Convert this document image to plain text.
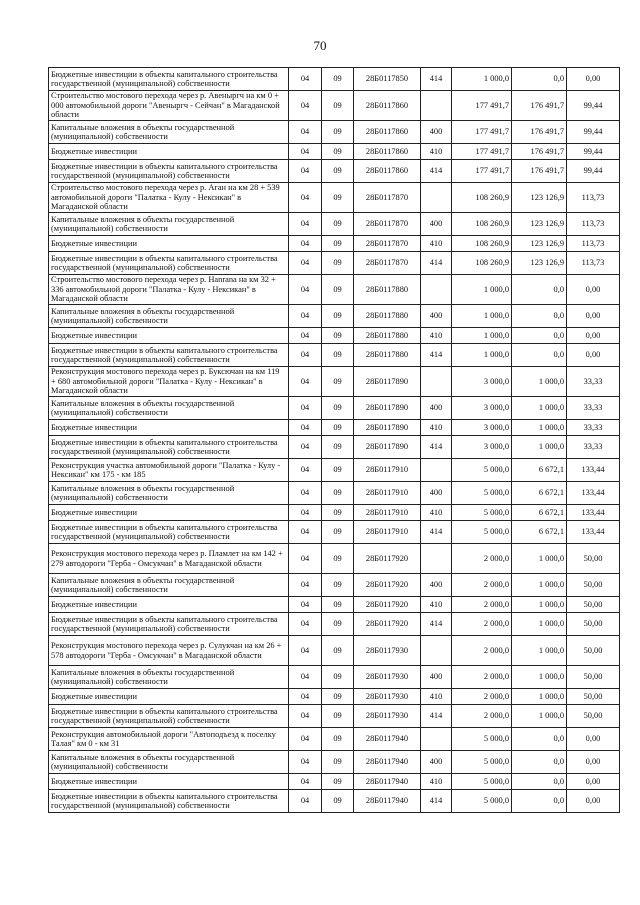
70
Бюджетные инвестиции в объекты капитального строительства государственной (муниципальной) собственности	04	09	28Б0117850	414	1 000,0	0,0	0,00
Строительство мостового перехода через р. Авеныргч на км 0 + 000 автомобильной дороги "Авеныргч - Сейчан" в Магаданской области	04	09	28Б0117860		177 491,7	176 491,7	99,44
Капитальные вложения в объекты государственной (муниципальной) собственности	04	09	28Б0117860	400	177 491,7	176 491,7	99,44
Бюджетные инвестиции	04	09	28Б0117860	410	177 491,7	176 491,7	99,44
Бюджетные инвестиции в объекты капитального строительства государственной (муниципальной) собственности	04	09	28Б0117860	414	177 491,7	176 491,7	99,44
Строительство мостового перехода через р. Аган на км 28 + 539 автомобильной дороги "Палатка - Кулу - Нексикан" в Магаданской области	04	09	28Б0117870		108 260,9	123 126,9	113,73
Капитальные вложения в объекты государственной (муниципальной) собственности	04	09	28Б0117870	400	108 260,9	123 126,9	113,73
Бюджетные инвестиции	04	09	28Б0117870	410	108 260,9	123 126,9	113,73
Бюджетные инвестиции в объекты капитального строительства государственной (муниципальной) собственности	04	09	28Б0117870	414	108 260,9	123 126,9	113,73
Строительство мостового перехода через р. Hanrana на км 32 + 336 автомобильной дороги "Палатка - Кулу - Нексикан" в Магаданской области	04	09	28Б0117880		1 000,0	0,0	0,00
Капитальные вложения в объекты государственной (муниципальной) собственности	04	09	28Б0117880	400	1 000,0	0,0	0,00
Бюджетные инвестиции	04	09	28Б0117880	410	1 000,0	0,0	0,00
Бюджетные инвестиции в объекты капитального строительства государственной (муниципальной) собственности	04	09	28Б0117880	414	1 000,0	0,0	0,00
Реконструкция мостового перехода через р. Буксючан на км 119 + 680 автомобильной дороги "Палатка - Кулу - Нексикан" в Магаданской области	04	09	28Б0117890		3 000,0	1 000,0	33,33
Капитальные вложения в объекты государственной (муниципальной) собственности	04	09	28Б0117890	400	3 000,0	1 000,0	33,33
Бюджетные инвестиции	04	09	28Б0117890	410	3 000,0	1 000,0	33,33
Бюджетные инвестиции в объекты капитального строительства государственной (муниципальной) собственности	04	09	28Б0117890	414	3 000,0	1 000,0	33,33
Реконструкция участка автомобильной дороги "Палатка - Кулу - Нексикан" км 175 - км 185	04	09	28Б0117910		5 000,0	6 672,1	133,44
Капитальные вложения в объекты государственной (муниципальной) собственности	04	09	28Б0117910	400	5 000,0	6 672,1	133,44
Бюджетные инвестиции	04	09	28Б0117910	410	5 000,0	6 672,1	133,44
Бюджетные инвестиции в объекты капитального строительства государственной (муниципальной) собственности	04	09	28Б0117910	414	5 000,0	6 672,1	133,44
Реконструкция мостового перехода через р. Пламлет на км 142 + 279 автодороги "Герба - Омсукчан" в Магаданской области	04	09	28Б0117920		2 000,0	1 000,0	50,00
Капитальные вложения в объекты государственной (муниципальной) собственности	04	09	28Б0117920	400	2 000,0	1 000,0	50,00
Бюджетные инвестиции	04	09	28Б0117920	410	2 000,0	1 000,0	50,00
Бюджетные инвестиции в объекты капитального строительства государственной (муниципальной) собственности	04	09	28Б0117920	414	2 000,0	1 000,0	50,00
Реконструкция мостового перехода через р. Сулукчан на км 26 + 578 автодороги "Герба - Омсукчан" в Магаданской области	04	09	28Б0117930		2 000,0	1 000,0	50,00
Капитальные вложения в объекты государственной (муниципальной) собственности	04	09	28Б0117930	400	2 000,0	1 000,0	50,00
Бюджетные инвестиции	04	09	28Б0117930	410	2 000,0	1 000,0	50,00
Бюджетные инвестиции в объекты капитального строительства государственной (муниципальной) собственности	04	09	28Б0117930	414	2 000,0	1 000,0	50,00
Реконструкция автомобильной дороги "Автоподъезд к поселку Талая" км 0 - км 31	04	09	28Б0117940		5 000,0	0,0	0,00
Капитальные вложения в объекты государственной (муниципальной) собственности	04	09	28Б0117940	400	5 000,0	0,0	0,00
Бюджетные инвестиции	04	09	28Б0117940	410	5 000,0	0,0	0,00
Бюджетные инвестиции в объекты капитального строительства государственной (муниципальной) собственности	04	09	28Б0117940	414	5 000,0	0,0	0,00
